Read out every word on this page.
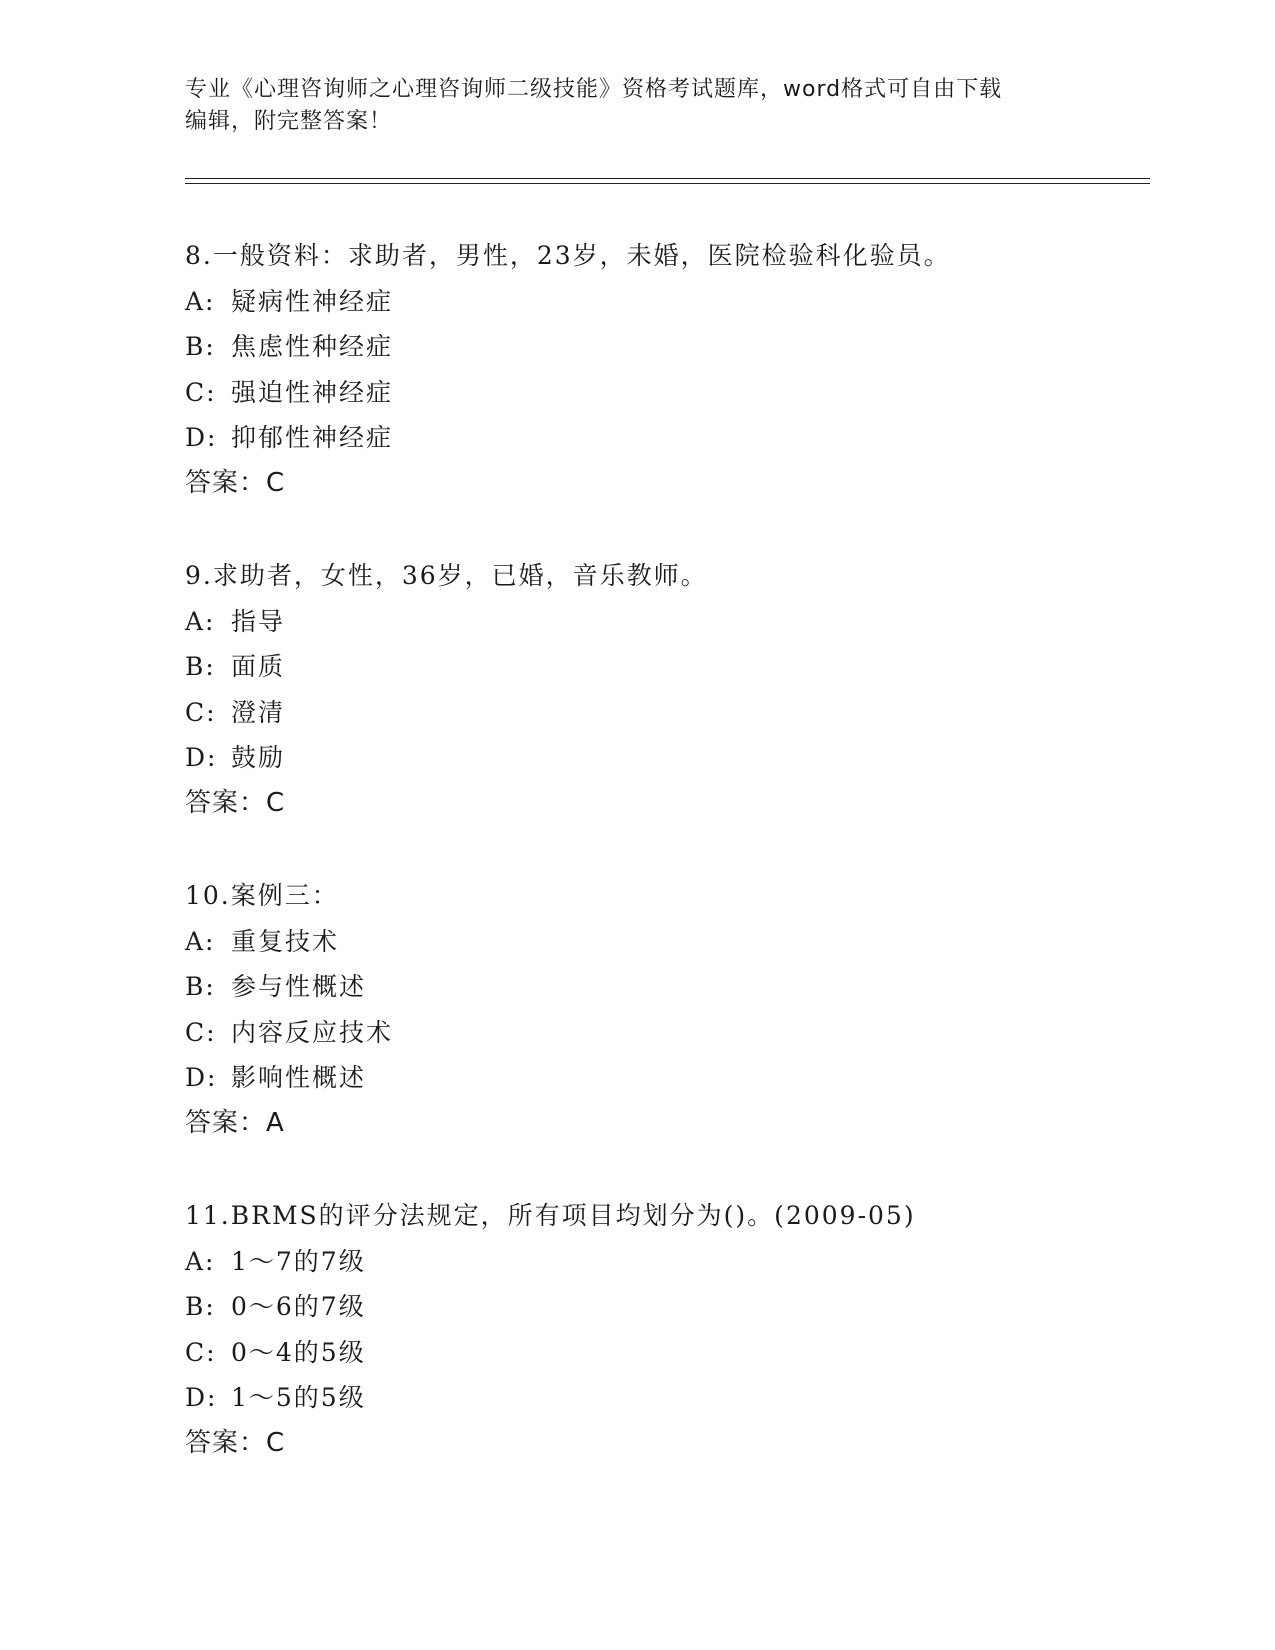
专业《心理咨询师之心理咨询师二级技能》资格考试题库，word格式可自由下载
编辑，附完整答案！
8.一般资料：求助者，男性，23岁，未婚，医院检验科化验员。
A: 疑病性神经症
B: 焦虑性种经症
C: 强迫性神经症
D: 抑郁性神经症
答案：C
9.求助者，女性，36岁，已婚，音乐教师。
A: 指导
B: 面质
C: 澄清
D: 鼓励
答案：C
10.案例三：
A: 重复技术
B: 参与性概述
C: 内容反应技术
D: 影响性概述
答案：A
11.BRMS的评分法规定，所有项目均划分为()。(2009-05)
A: 1～7的7级
B: 0～6的7级
C: 0～4的5级
D: 1～5的5级
答案：C
